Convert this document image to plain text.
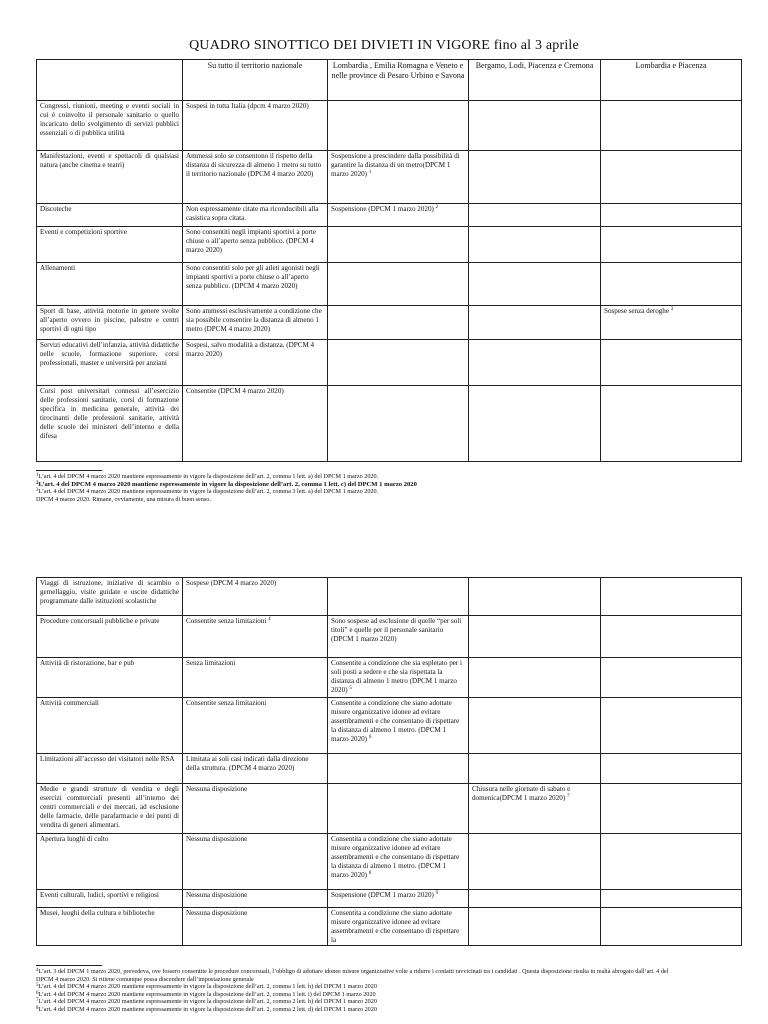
QUADRO SINOTTICO DEI DIVIETI IN VIGORE fino al 3 aprile
	Su tutto il territorio nazionale	Lombardia , Emilia Romagna e Veneto e nelle province di Pesaro Urbino e Savona	Bergamo, Lodi, Piacenza e Cremona	Lombardia e Piacenza
Congressi, riunioni, meeting e eventi sociali in cui è coinvolto il personale sanitario o quello incaricato dello svolgimento di servizi pubblici essenziali o di pubblica utilità	Sospesi in tutta Italia (dpcm 4 marzo 2020)			
Manifestazioni, eventi e spettacoli di qualsiasi natura (anche cinema e teatri)	Ammessi solo se consentono il rispetto della distanza di sicurezza di almeno 1 metro su tutto il territorio nazionale (DPCM 4 marzo 2020)	Sospensione a prescindere dalla possibilità di garantire la distanza di un metro(DPCM 1 marzo 2020) $^1$		
Discoteche	Non espressamente citate ma riconducibili alla casistica sopra citata.	Sospensione (DPCM 1 marzo 2020) $^2$		
Eventi e competizioni sportive	Sono consentiti negli impianti sportivi a porte chiuse o all’aperto senza pubblico. (DPCM 4 marzo 2020)			
Allenamenti	Sono consentiti solo per gli atleti agonisti negli impianti sportivi a porte chiuse o all’aperto senza pubblico. (DPCM 4 marzo 2020)			
Sport di base, attività motorie in genere svolte all’aperto ovvero in piscine, palestre e centri sportivi di ogni tipo	Sono ammessi esclusivamente a condizione che sia possibile consentire la distanza di almeno 1 metro (DPCM 4 marzo 2020)			Sospese senza deroghe $^3$
Servizi educativi dell’infanzia, attività didattiche nelle scuole, formazione superiore, corsi professionali, master e università per anziani	Sospesi, salvo modalità a distanza. (DPCM 4 marzo 2020)			
Corsi post universitari connessi all’esercizio delle professioni sanitarie, corsi di formazione specifica in medicina generale, attività dei tirocinanti delle professioni sanitarie, attività delle scuole dei ministeri dell’interno e della difesa	Consentite (DPCM 4 marzo 2020)			

$^1$L’art. 4 del DPCM 4 marzo 2020 mantiene espressamente in vigore la disposizione dell’art. 2, comma 1 lett. a) del DPCM 1 marzo 2020.

$^2$L’art. 4 del DPCM 4 marzo 2020 mantiene espressamente in vigore la disposizione dell’art. 2, comma 1 lett. c) del DPCM 1 marzo 2020

$^3$L’art. 4 del DPCM 4 marzo 2020 mantiene espressamente in vigore la disposizione dell’art. 2, comma 3 lett. a) del DPCM 1 marzo 2020.

DPCM 4 marzo 2020. Rimane, ovviamente, una misura di buon senso.

Viaggi di istruzione, iniziative di scambio o gemellaggio, visite guidate e uscite didattiche programmate dalle istituzioni scolastiche	Sospese (DPCM 4 marzo 2020)			
Procedure concorsuali pubbliche e private	Consentite senza limitazioni $^4$	Sono sospese ad esclusione di quelle “per soli titoli” e quelle per il personale sanitario (DPCM 1 marzo 2020)		
Attività di ristorazione, bar e pub	Senza limitazioni	Consentite a condizione che sia espletato per i soli posti a sedere e che sia rispettata la distanza di almeno 1 metro (DPCM 1 marzo 2020) $^5$		
Attività commerciali	Consentite senza limitazioni	Consentite a condizione che siano adottate misure organizzative idonee ad evitare assembramenti e che consentano di rispettare la distanza di almeno 1 metro. (DPCM 1 marzo 2020) $^6$		
Limitazioni all’accesso dei visitatori nelle RSA	Limitata ai soli casi indicati dalla direzione della struttura. (DPCM 4 marzo 2020)			
Medie e grandi strutture di vendita e degli esercizi commerciali presenti all’interno dei centri commerciali e dei mercati, ad esclusione delle farmacie, delle parafarmacie e dei punti di vendita di generi alimentari.	Nessuna disposizione		Chiusura nelle giornate di sabato e domenica(DPCM 1 marzo 2020) $^7$	
Apertura luoghi di culto	Nessuna disposizione	Consentita a condizione che siano adottate misure organizzative idonee ad evitare assembramenti e che consentano di rispettare la distanza di almeno 1 metro. (DPCM 1 marzo 2020) $^8$		
Eventi culturali, ludici, sportivi e religiosi	Nessuna disposizione	Sospensione (DPCM 1 marzo 2020) $^9$		
Musei, luoghi della cultura e biblioteche	Nessuna disposizione	Consentita a condizione che siano adottate misure organizzative idonee ad evitare assembramenti e che consentano di rispettare la		

$^4$L’art. 3 del DPCM 1 marzo 2020, prevedeva, ove fossero consentite le procedure concorsuali, l’obbligo di adottare idonee misure organizzative volte a ridurre i contatti ravvicinati tra i candidati . Questa disposizione risulta in realtà abrogato dall’art. 4 del

DPCM 4 marzo 2020. Si ritiene comunque possa discendere dall’impostazione generale

$^5$L’art. 4 del DPCM 4 marzo 2020 mantiene espressamente in vigore la disposizione dell’art. 2, comma 1 lett. h) del DPCM 1 marzo 2020

$^6$L’art. 4 del DPCM 4 marzo 2020 mantiene espressamente in vigore la disposizione dell’art. 2, comma 1 lett. i) del DPCM 1 marzo 2020

$^7$L’art. 4 del DPCM 4 marzo 2020 mantiene espressamente in vigore la disposizione dell’art. 2, comma 2 lett. b) del DPCM 1 marzo 2020

$^8$L’art. 4 del DPCM 4 marzo 2020 mantiene espressamente in vigore la disposizione dell’art. 2, comma 2 lett. d) del DPCM 1 marzo 2020
